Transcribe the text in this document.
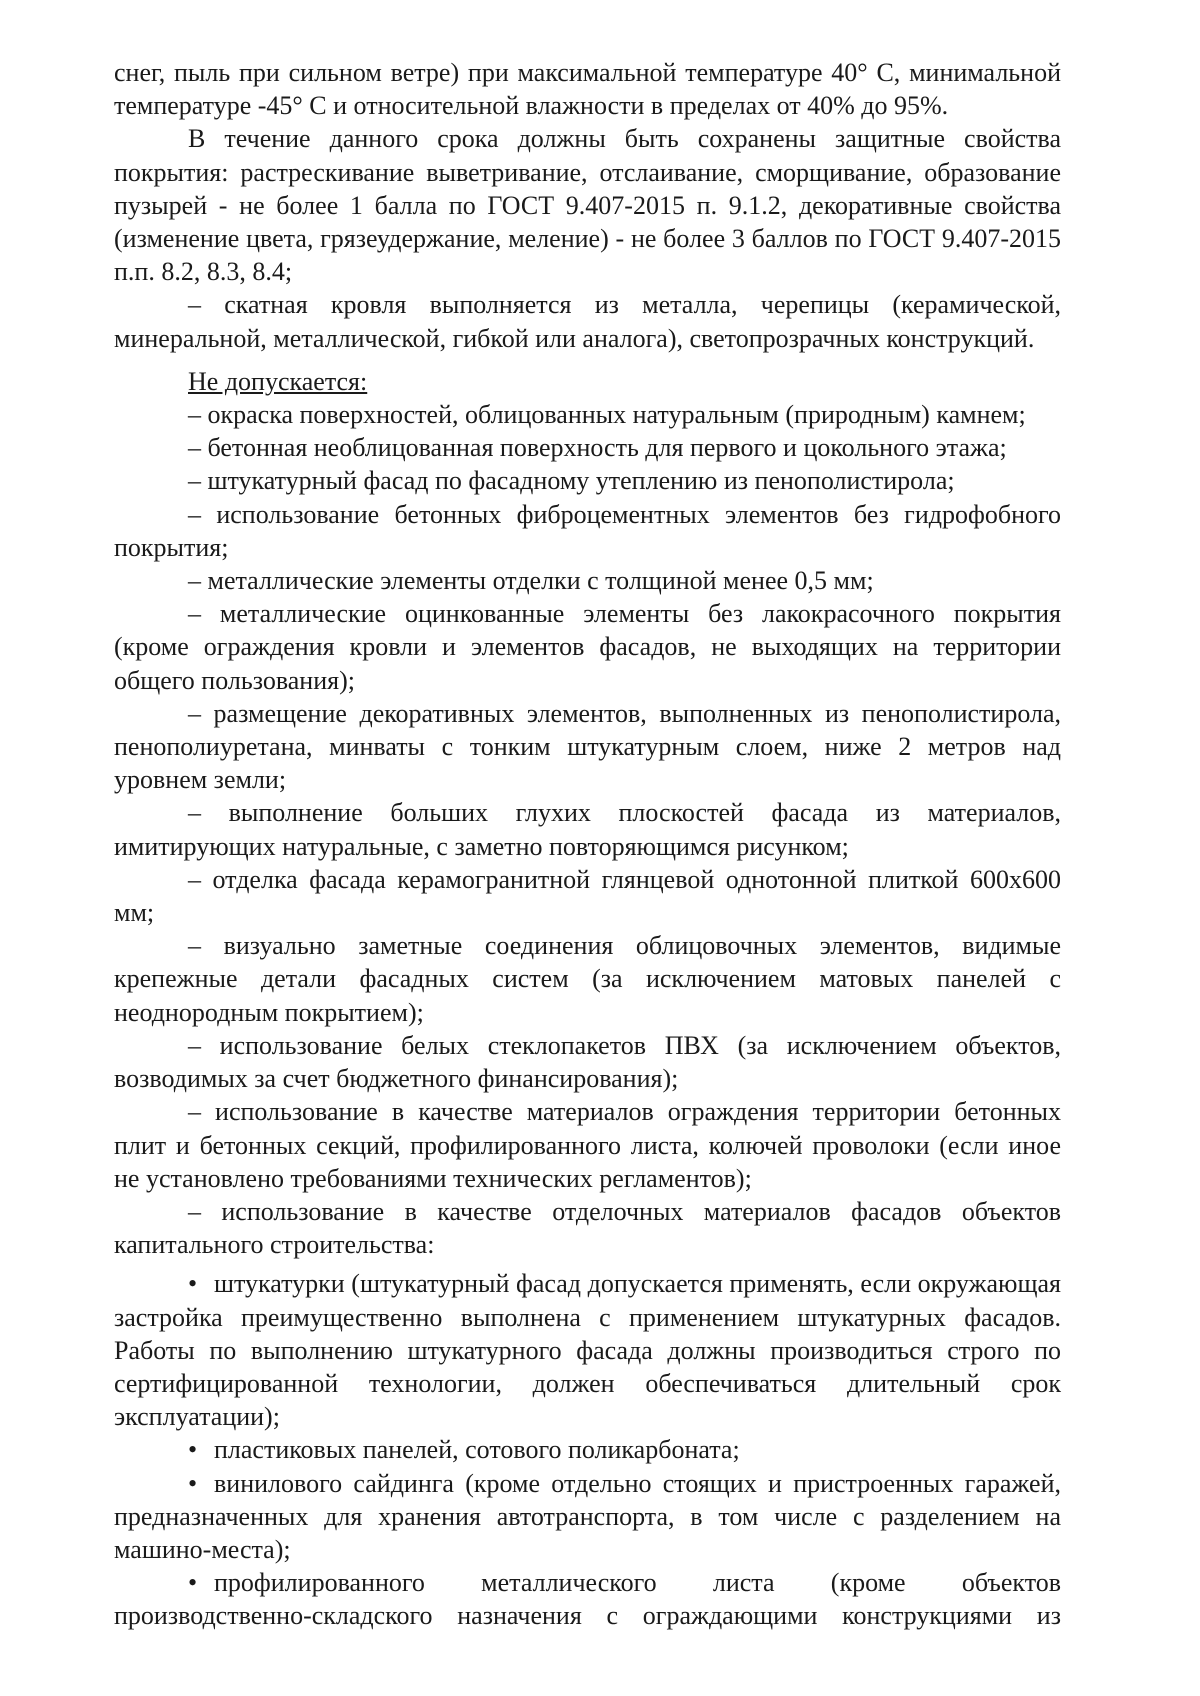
снег, пыль при сильном ветре) при максимальной температуре 40° С, минимальной температуре -45° С и относительной влажности в пределах от 40% до 95%.

В течение данного срока должны быть сохранены защитные свойства покрытия: растрескивание выветривание, отслаивание, сморщивание, образование пузырей - не более 1 балла по ГОСТ 9.407-2015 п. 9.1.2, декоративные свойства (изменение цвета, грязеудержание, меление) - не более 3 баллов по ГОСТ 9.407-2015 п.п. 8.2, 8.3, 8.4;

– скатная кровля выполняется из металла, черепицы (керамической, минеральной, металлической, гибкой или аналога), светопрозрачных конструкций.

Не допускается:

– окраска поверхностей, облицованных натуральным (природным) камнем;

– бетонная необлицованная поверхность для первого и цокольного этажа;

– штукатурный фасад по фасадному утеплению из пенополистирола;

– использование бетонных фиброцементных элементов без гидрофобного покрытия;

– металлические элементы отделки с толщиной менее 0,5 мм;

– металлические оцинкованные элементы без лакокрасочного покрытия (кроме ограждения кровли и элементов фасадов, не выходящих на территории общего пользования);

– размещение декоративных элементов, выполненных из пенополистирола, пенополиуретана, минваты с тонким штукатурным слоем, ниже 2 метров над уровнем земли;

– выполнение больших глухих плоскостей фасада из материалов, имитирующих натуральные, с заметно повторяющимся рисунком;

– отделка фасада керамогранитной глянцевой однотонной плиткой 600х600 мм;

– визуально заметные соединения облицовочных элементов, видимые крепежные детали фасадных систем (за исключением матовых панелей с неоднородным покрытием);

– использование белых стеклопакетов ПВХ (за исключением объектов, возводимых за счет бюджетного финансирования);

– использование в качестве материалов ограждения территории бетонных плит и бетонных секций, профилированного листа, колючей проволоки (если иное не установлено требованиями технических регламентов);

– использование в качестве отделочных материалов фасадов объектов капитального строительства:

• штукатурки (штукатурный фасад допускается применять, если окружающая застройка преимущественно выполнена с применением штукатурных фасадов. Работы по выполнению штукатурного фасада должны производиться строго по сертифицированной технологии, должен обеспечиваться длительный срок эксплуатации);

• пластиковых панелей, сотового поликарбоната;

• винилового сайдинга (кроме отдельно стоящих и пристроенных гаражей, предназначенных для хранения автотранспорта, в том числе с разделением на машино-места);

• профилированного металлического листа (кроме объектов производственно-складского назначения с ограждающими конструкциями из
